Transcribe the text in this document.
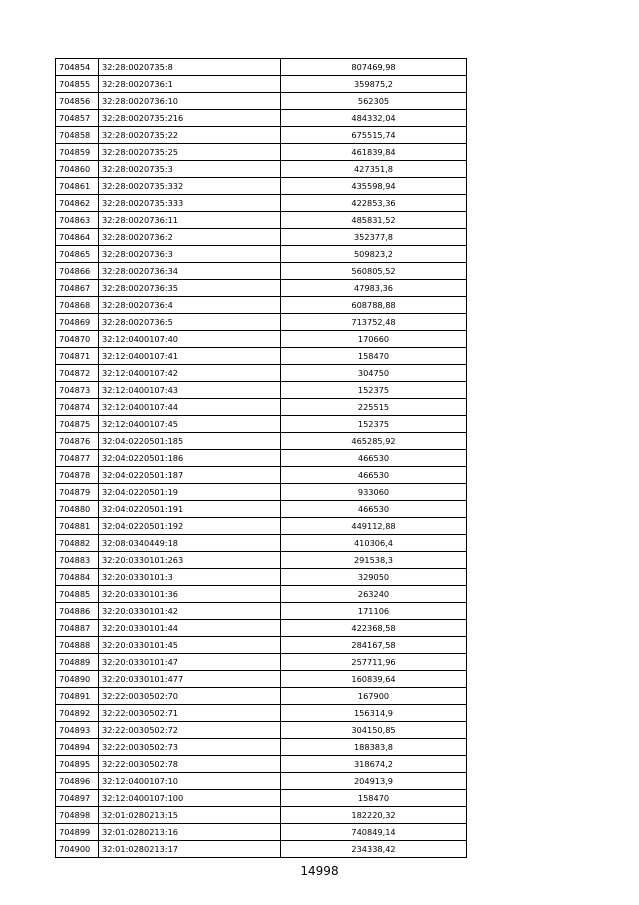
704854	32:28:0020735:8	807469,98
704855	32:28:0020736:1	359875,2
704856	32:28:0020736:10	562305
704857	32:28:0020735:216	484332,04
704858	32:28:0020735:22	675515,74
704859	32:28:0020735:25	461839,84
704860	32:28:0020735:3	427351,8
704861	32:28:0020735:332	435598,94
704862	32:28:0020735:333	422853,36
704863	32:28:0020736:11	485831,52
704864	32:28:0020736:2	352377,8
704865	32:28:0020736:3	509823,2
704866	32:28:0020736:34	560805,52
704867	32:28:0020736:35	47983,36
704868	32:28:0020736:4	608788,88
704869	32:28:0020736:5	713752,48
704870	32:12:0400107:40	170660
704871	32:12:0400107:41	158470
704872	32:12:0400107:42	304750
704873	32:12:0400107:43	152375
704874	32:12:0400107:44	225515
704875	32:12:0400107:45	152375
704876	32:04:0220501:185	465285,92
704877	32:04:0220501:186	466530
704878	32:04:0220501:187	466530
704879	32:04:0220501:19	933060
704880	32:04:0220501:191	466530
704881	32:04:0220501:192	449112,88
704882	32:08:0340449:18	410306,4
704883	32:20:0330101:263	291538,3
704884	32:20:0330101:3	329050
704885	32:20:0330101:36	263240
704886	32:20:0330101:42	171106
704887	32:20:0330101:44	422368,58
704888	32:20:0330101:45	284167,58
704889	32:20:0330101:47	257711,96
704890	32:20:0330101:477	160839,64
704891	32:22:0030502:70	167900
704892	32:22:0030502:71	156314,9
704893	32:22:0030502:72	304150,85
704894	32:22:0030502:73	188383,8
704895	32:22:0030502:78	318674,2
704896	32:12:0400107:10	204913,9
704897	32:12:0400107:100	158470
704898	32:01:0280213:15	182220,32
704899	32:01:0280213:16	740849,14
704900	32:01:0280213:17	234338,42
14998
